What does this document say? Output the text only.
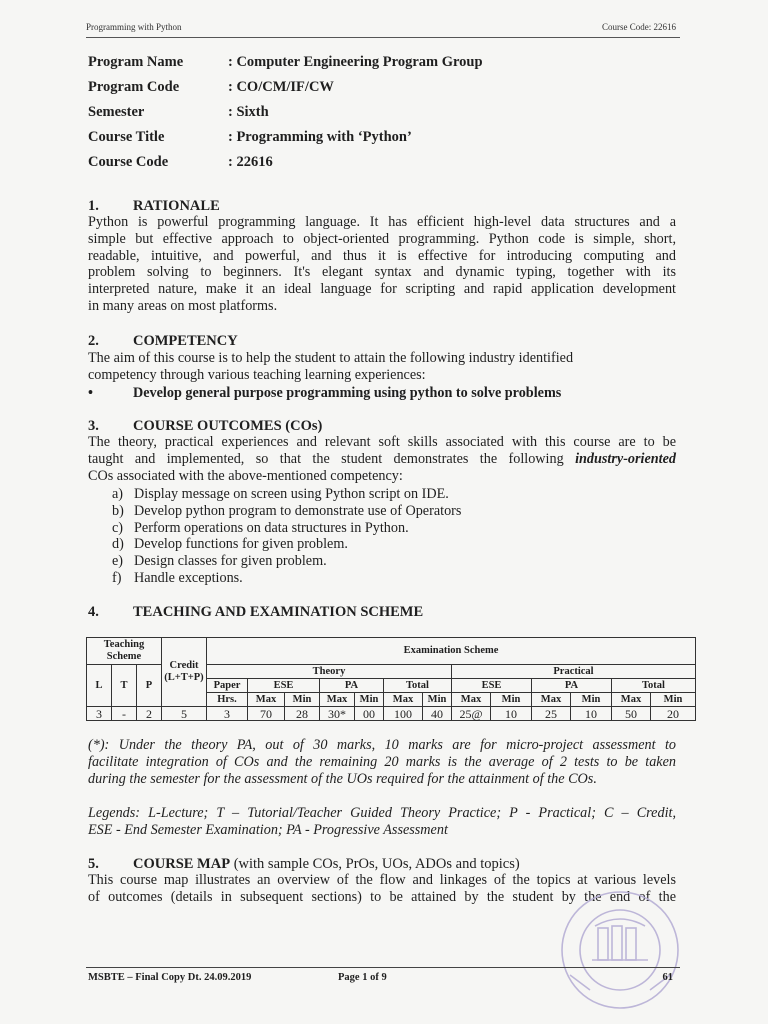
Programming with Python	Course Code: 22616
Program Name	: Computer Engineering Program Group
Program Code	: CO/CM/IF/CW
Semester	: Sixth
Course Title	: Programming with ‘Python’
Course Code	: 22616
1. RATIONALE
Python is powerful programming language. It has efficient high-level data structures and a
simple but effective approach to object-oriented programming. Python code is simple, short,
readable, intuitive, and powerful, and thus it is effective for introducing computing and
problem solving to beginners. It's elegant syntax and dynamic typing, together with its
interpreted nature, make it an ideal language for scripting and rapid application development
in many areas on most platforms.
2. COMPETENCY
The aim of this course is to help the student to attain the following industry identified
competency through various teaching learning experiences:
•	Develop general purpose programming using python to solve problems
3. COURSE OUTCOMES (COs)
The theory, practical experiences and relevant soft skills associated with this course are to be
taught and implemented, so that the student demonstrates the following industry-oriented
COs associated with the above-mentioned competency:
a) Display message on screen using Python script on IDE.
b) Develop python program to demonstrate use of Operators
c) Perform operations on data structures in Python.
d) Develop functions for given problem.
e) Design classes for given problem.
f) Handle exceptions.
4. TEACHING AND EXAMINATION SCHEME
Teaching Scheme			Credit (L+T+P)	Examination Scheme												
L	T	P		Theory							Practical					
				Paper	ESE		PA		Total		ESE		PA		Total	
				Hrs.	Max	Min	Max	Min	Max	Min	Max	Min	Max	Min	Max	Min
3	-	2	5	3	70	28	30*	00	100	40	25@	10	25	10	50	20
(*): Under the theory PA, out of 30 marks, 10 marks are for micro-project assessment to
facilitate integration of COs and the remaining 20 marks is the average of 2 tests to be taken
during the semester for the assessment of the UOs required for the attainment of the COs.
Legends: L-Lecture; T – Tutorial/Teacher Guided Theory Practice; P - Practical; C – Credit,
ESE - End Semester Examination; PA - Progressive Assessment
5. COURSE MAP (with sample COs, PrOs, UOs, ADOs and topics)
This course map illustrates an overview of the flow and linkages of the topics at various levels
of outcomes (details in subsequent sections) to be attained by the student by the end of the
MSBTE – Final Copy Dt. 24.09.2019	Page 1 of 9	61
